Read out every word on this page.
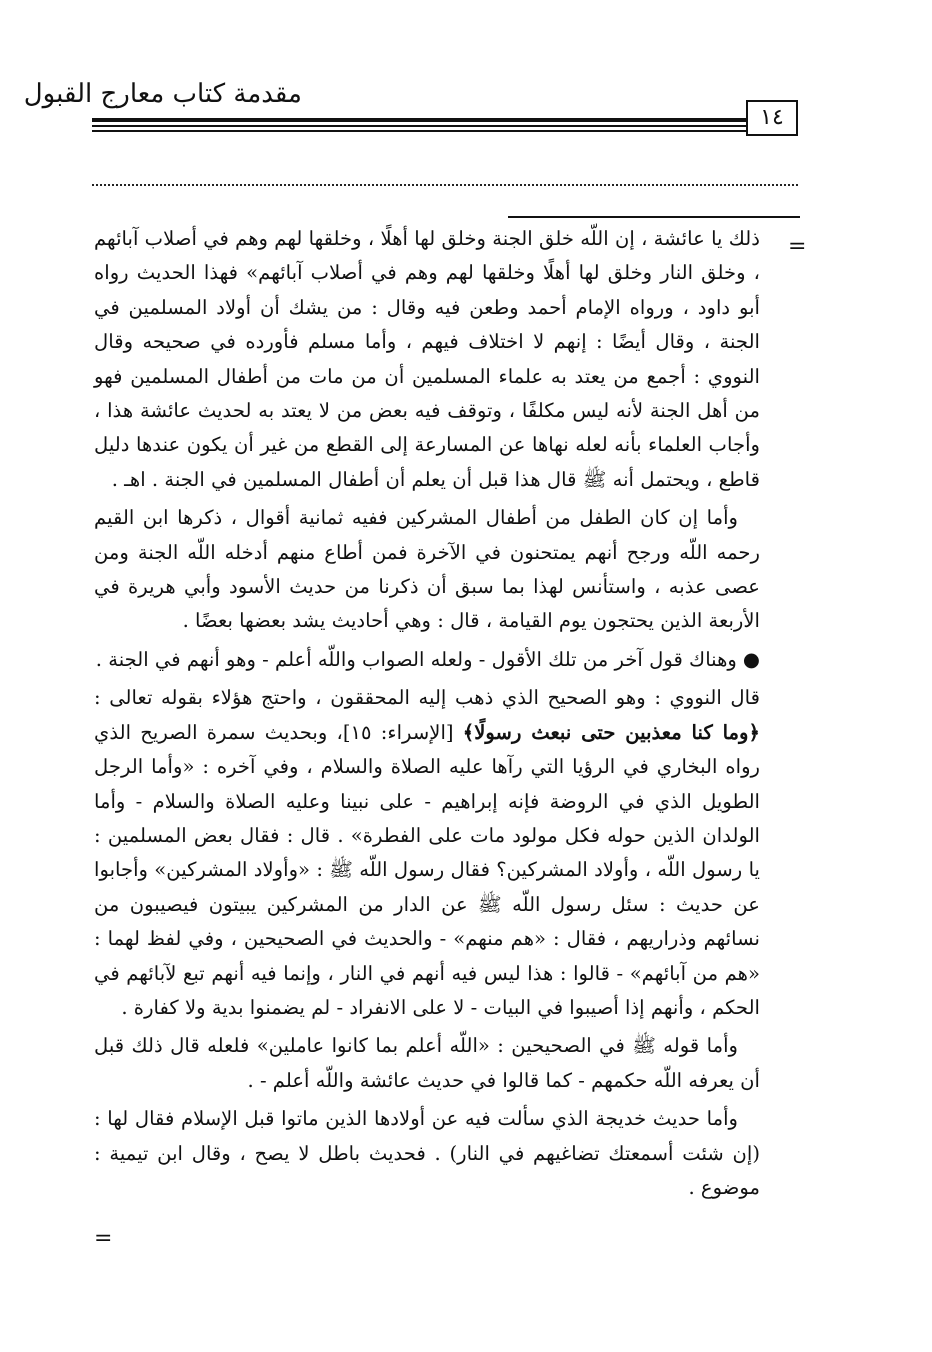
مقدمة كتاب معارج القبول
١٤
=

ذلك يا عائشة ، إن اللّه خلق الجنة وخلق لها أهلًا ، وخلقها لهم وهم في أصلاب آبائهم ، وخلق النار وخلق لها أهلًا وخلقها لهم وهم في أصلاب آبائهم» فهذا الحديث رواه أبو داود ، ورواه الإمام أحمد وطعن فيه وقال : من يشك أن أولاد المسلمين في الجنة ، وقال أيضًا : إنهم لا اختلاف فيهم ، وأما مسلم فأورده في صحيحه وقال النووي : أجمع من يعتد به علماء المسلمين أن من مات من أطفال المسلمين فهو من أهل الجنة لأنه ليس مكلفًا ، وتوقف فيه بعض من لا يعتد به لحديث عائشة هذا ، وأجاب العلماء بأنه لعله نهاها عن المسارعة إلى القطع من غير أن يكون عندها دليل قاطع ، ويحتمل أنه ﷺ قال هذا قبل أن يعلم أن أطفال المسلمين في الجنة . اهـ .

وأما إن كان الطفل من أطفال المشركين ففيه ثمانية أقوال ، ذكرها ابن القيم رحمه اللّه ورجح أنهم يمتحنون في الآخرة فمن أطاع منهم أدخله اللّه الجنة ومن عصى عذبه ، واستأنس لهذا بما سبق أن ذكرنا من حديث الأسود وأبي هريرة في الأربعة الذين يحتجون يوم القيامة ، قال : وهي أحاديث يشد بعضها بعضًا .

●وهناك قول آخر من تلك الأقول - ولعله الصواب واللّه أعلم - وهو أنهم في الجنة .

قال النووي : وهو الصحيح الذي ذهب إليه المحققون ، واحتج هؤلاء بقوله تعالى : ﴿وما كنا معذبين حتى نبعث رسولًا﴾ [الإسراء: ١٥]، وبحديث سمرة الصريح الذي رواه البخاري في الرؤيا التي رآها عليه الصلاة والسلام ، وفي آخره : «وأما الرجل الطويل الذي في الروضة فإنه إبراهيم - على نبينا وعليه الصلاة والسلام - وأما الولدان الذين حوله فكل مولود مات على الفطرة» . قال : فقال بعض المسلمين : يا رسول اللّه ، وأولاد المشركين؟ فقال رسول اللّه ﷺ : «وأولاد المشركين» وأجابوا عن حديث : سئل رسول اللّه ﷺ عن الدار من المشركين يبيتون فيصيبون من نسائهم وذراريهم ، فقال : «هم منهم» - والحديث في الصحيحين ، وفي لفظ لهما : «هم من آبائهم» - قالوا : هذا ليس فيه أنهم في النار ، وإنما فيه أنهم تبع لآبائهم في الحكم ، وأنهم إذا أصيبوا في البيات - لا على الانفراد - لم يضمنوا بدية ولا كفارة .

وأما قوله ﷺ في الصحيحين : «اللّه أعلم بما كانوا عاملين» فلعله قال ذلك قبل أن يعرفه اللّه حكمهم - كما قالوا في حديث عائشة واللّه أعلم - .

وأما حديث خديجة الذي سألت فيه عن أولادها الذين ماتوا قبل الإسلام فقال لها : (إن شئت أسمعتك تضاغيهم في النار) . فحديث باطل لا يصح ، وقال ابن تيمية : موضوع .

=
